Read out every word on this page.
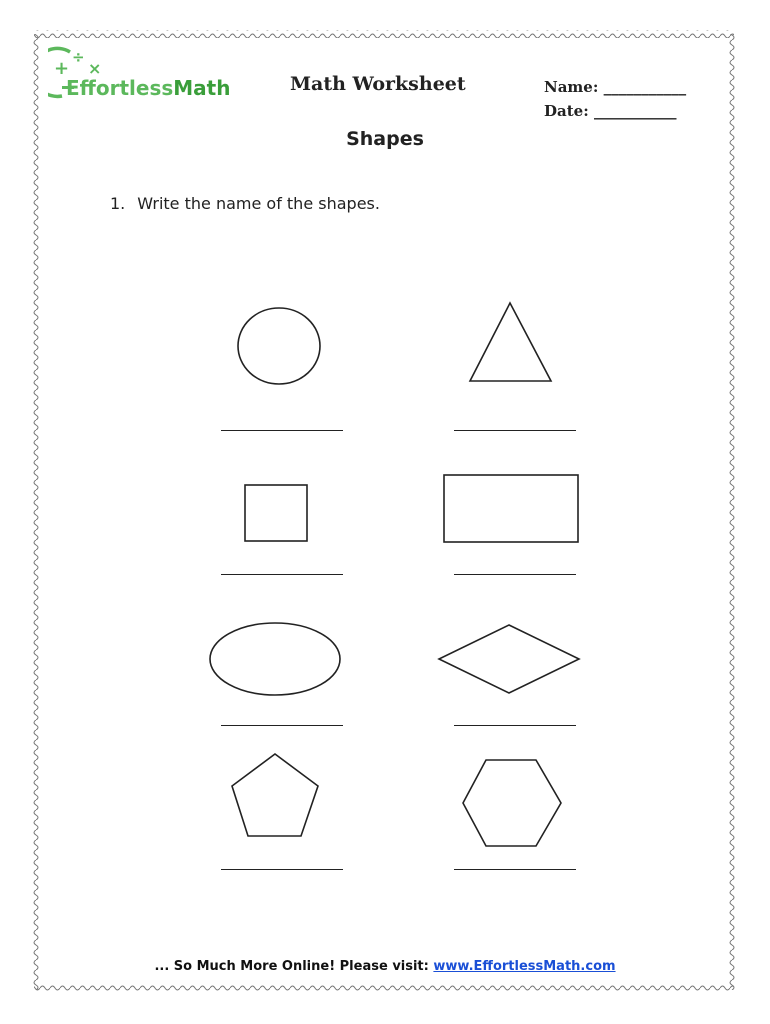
+
÷
×
EffortlessMath	Math Worksheet	Name: ___________
Date: ___________
Shapes
1. Write the name of the shapes.
... So Much More Online! Please visit: www.EffortlessMath.com
